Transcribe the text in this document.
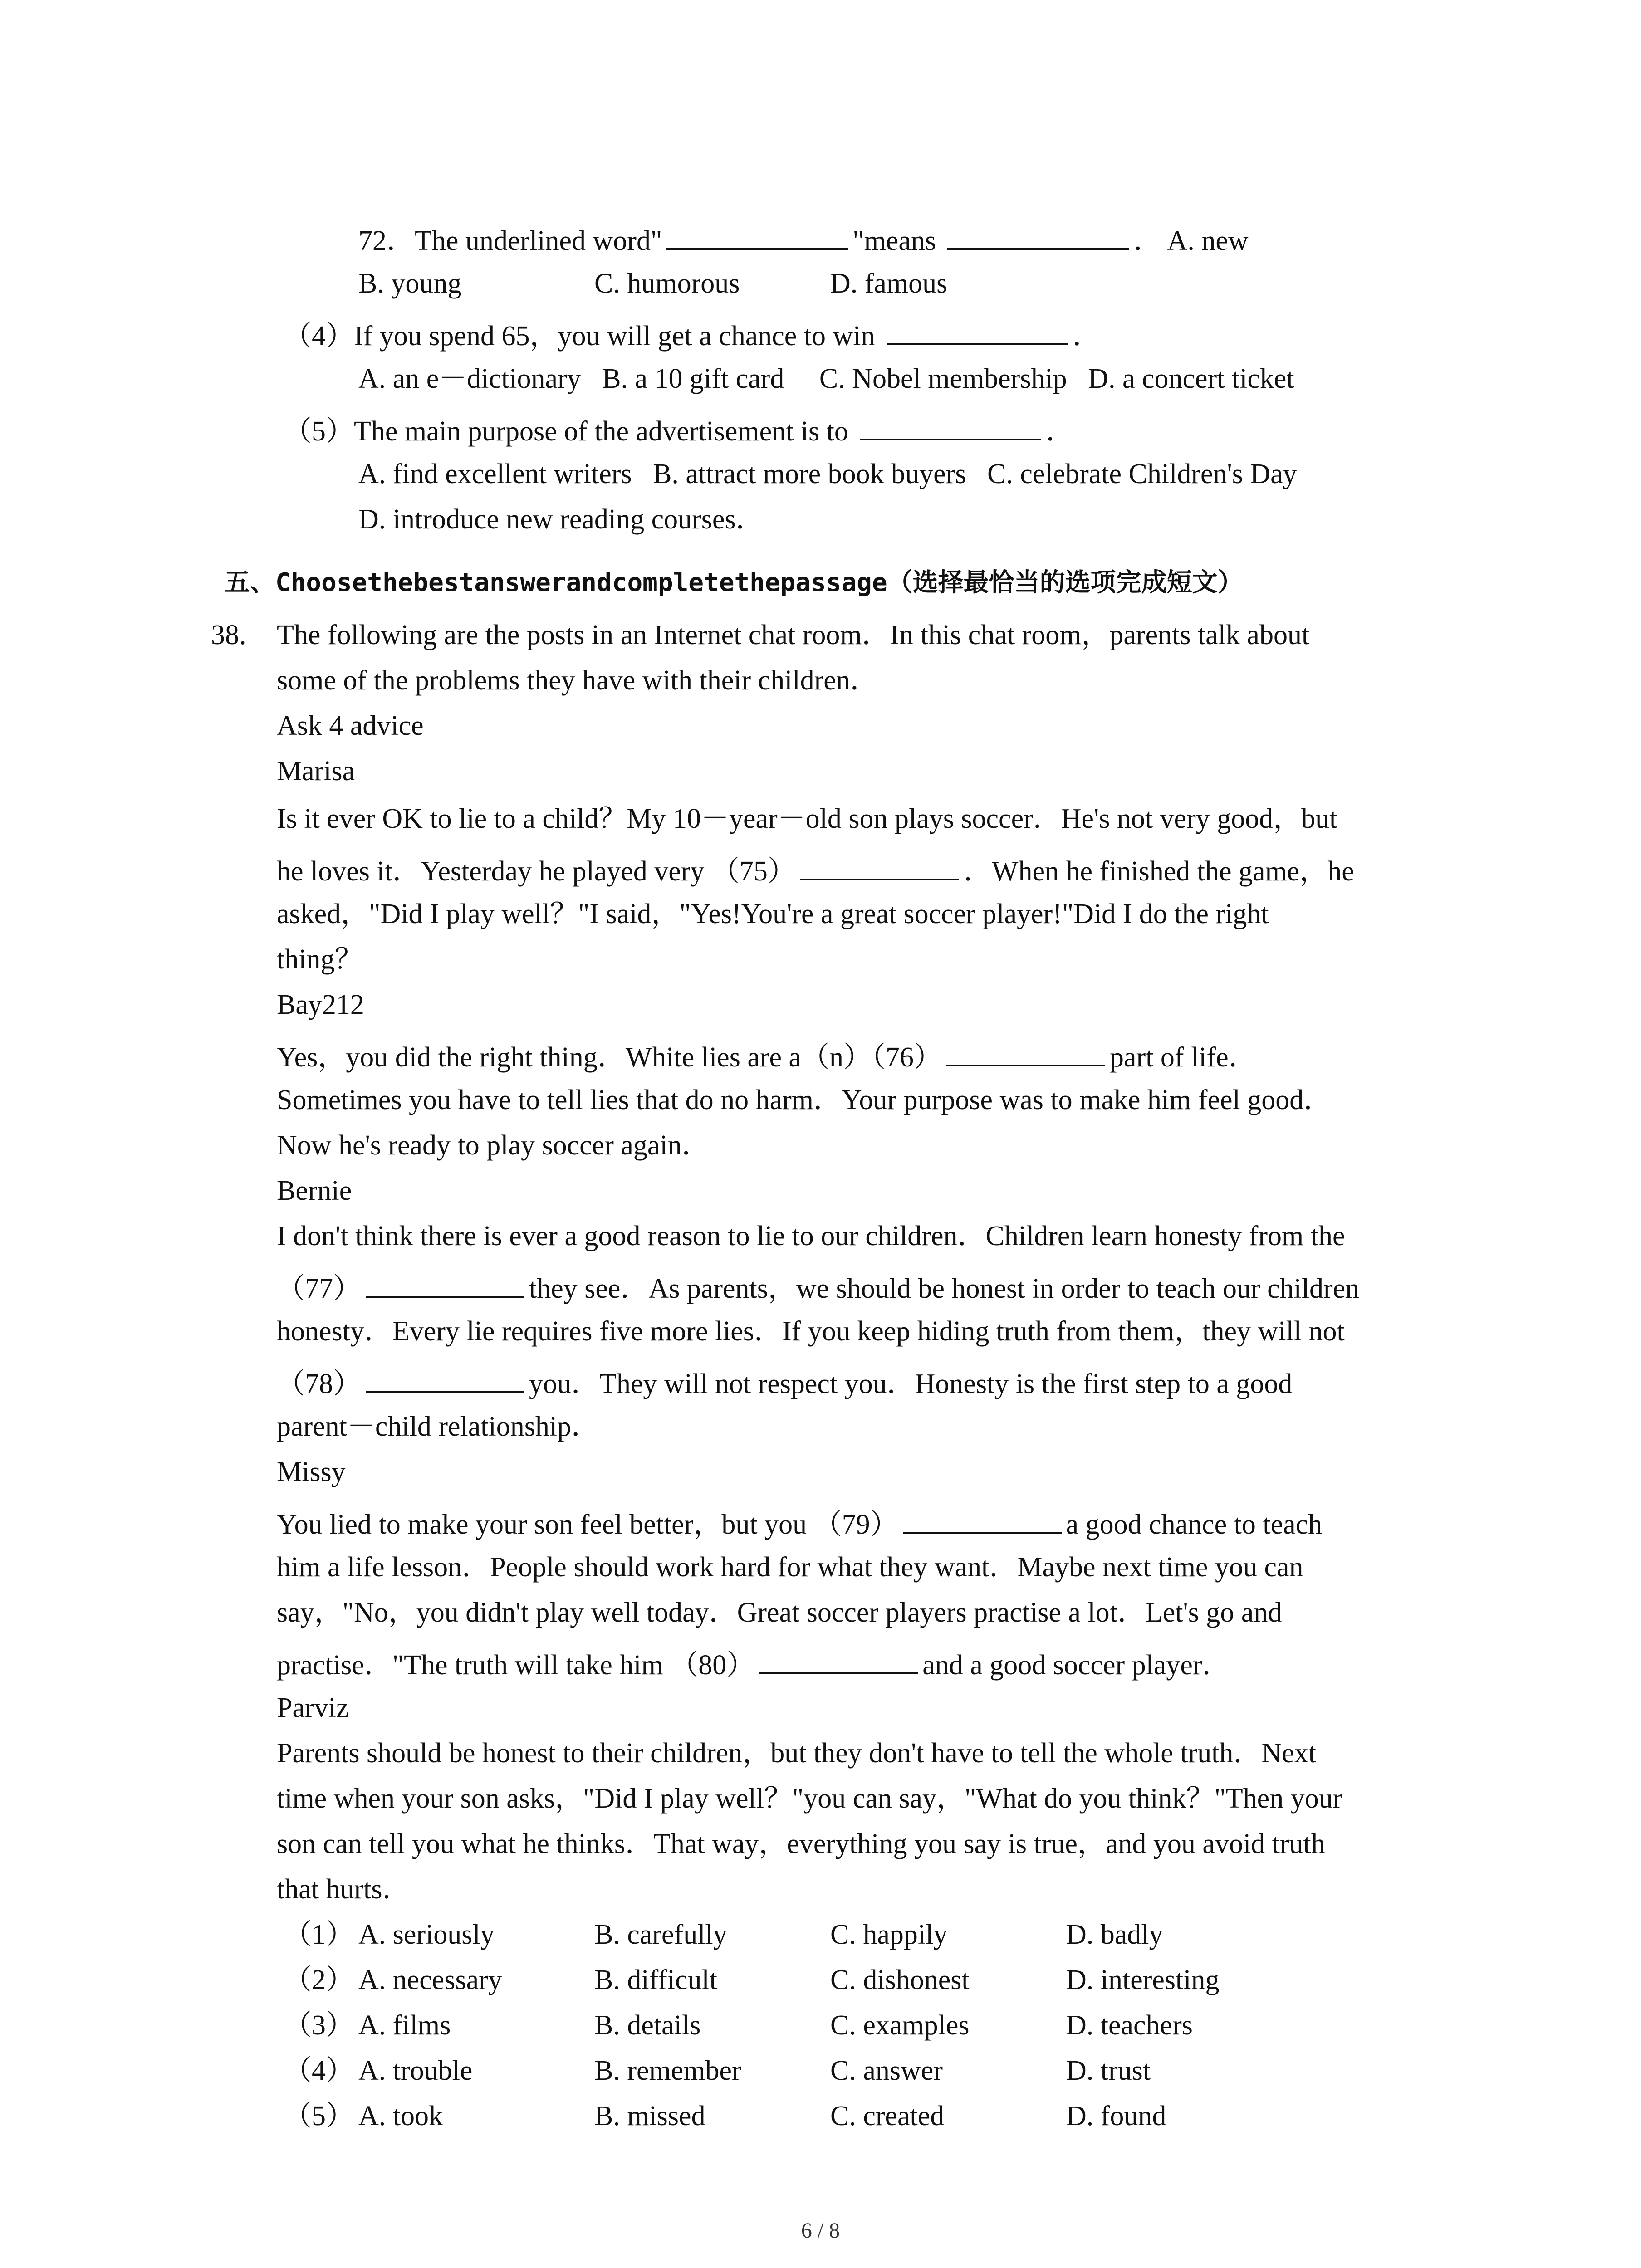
72．The underlined word"	"means	． A. new
B. young	C. humorous	D. famous
（4）If you spend 65，you will get a chance to win	．
A. an e－dictionary   B. a 10 gift card     C. Nobel membership   D. a concert ticket
（5）The main purpose of the advertisement is to	．
A. find excellent writers   B. attract more book buyers   C. celebrate Children's Day
D. introduce new reading courses．
五、Choosethebestanswerandcompletethepassage（选择最恰当的选项完成短文）
38. The following are the posts in an Internet chat room．In this chat room，parents talk about
some of the problems they have with their children．
Ask 4 advice
Marisa
Is it ever OK to lie to a child？My 10－year－old son plays soccer．He's not very good，but
he loves it．Yesterday he played very （75）	．When he finished the game，he
asked，"Did I play well？"I said，"Yes!You're a great soccer player!"Did I do the right
thing？
Bay212
Yes，you did the right thing．White lies are a（n）（76）	part of life．
Sometimes you have to tell lies that do no harm．Your purpose was to make him feel good．
Now he's ready to play soccer again．
Bernie
I don't think there is ever a good reason to lie to our children．Children learn honesty from the
（77）	they see．As parents，we should be honest in order to teach our children
honesty．Every lie requires five more lies．If you keep hiding truth from them，they will not
（78）	you．They will not respect you．Honesty is the first step to a good
parent－child relationship．
Missy
You lied to make your son feel better，but you （79）	a good chance to teach
him a life lesson．People should work hard for what they want．Maybe next time you can
say，"No，you didn't play well today．Great soccer players practise a lot．Let's go and
practise．"The truth will take him （80）	and a good soccer player．
Parviz
Parents should be honest to their children，but they don't have to tell the whole truth．Next
time when your son asks，"Did I play well？"you can say，"What do you think？"Then your
son can tell you what he thinks．That way，everything you say is true，and you avoid truth
that hurts．
（1） A. seriously	B. carefully	C. happily	D. badly
（2） A. necessary	B. difficult	C. dishonest	D. interesting
（3） A. films	B. details	C. examples	D. teachers
（4） A. trouble	B. remember	C. answer	D. trust
（5） A. took	B. missed	C. created	D. found
6 / 8
